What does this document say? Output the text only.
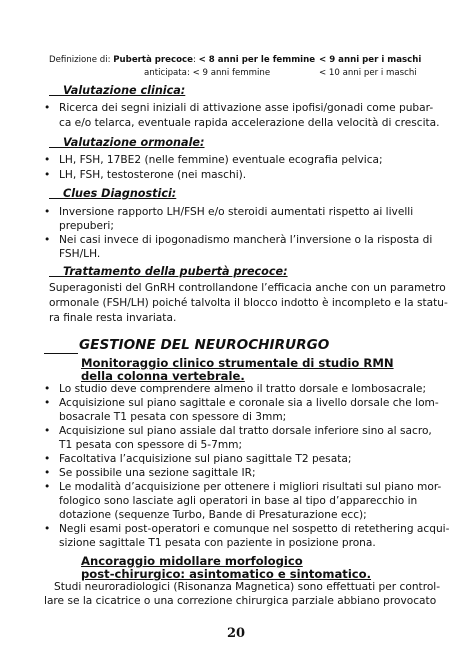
Definizione di: Pubertà precoce: < 8 anni per le femmine < 9 anni per i maschi
anticipata: < 9 anni femmine	< 10 anni per i maschi
Valutazione clinica:
• Ricerca dei segni iniziali di attivazione asse ipofisi/gonadi come pubar-
ca e/o telarca, eventuale rapida accelerazione della velocità di crescita.
Valutazione ormonale:
• LH, FSH, 17BE2 (nelle femmine) eventuale ecografia pelvica;
• LH, FSH, testosterone (nei maschi).
Clues Diagnostici:
• Inversione rapporto LH/FSH e/o steroidi aumentati rispetto ai livelli
prepuberi;
• Nei casi invece di ipogonadismo mancherà l’inversione o la risposta di
FSH/LH.
Trattamento della pubertà precoce:
Superagonisti del GnRH controllandone l’efficacia anche con un parametro
ormonale (FSH/LH) poiché talvolta il blocco indotto è incompleto e la statu-
ra finale resta invariata.
GESTIONE DEL NEUROCHIRURGO
Monitoraggio clinico strumentale di studio RMN
della colonna vertebrale.
• Lo studio deve comprendere almeno il tratto dorsale e lombosacrale;
• Acquisizione sul piano sagittale e coronale sia a livello dorsale che lom-
bosacrale T1 pesata con spessore di 3mm;
• Acquisizione sul piano assiale dal tratto dorsale inferiore sino al sacro,
T1 pesata con spessore di 5-7mm;
• Facoltativa l’acquisizione sul piano sagittale T2 pesata;
• Se possibile una sezione sagittale IR;
• Le modalità d’acquisizione per ottenere i migliori risultati sul piano mor-
fologico sono lasciate agli operatori in base al tipo d’apparecchio in
dotazione (sequenze Turbo, Bande di Presaturazione ecc);
• Negli esami post-operatori e comunque nel sospetto di retethering acqui-
sizione sagittale T1 pesata con paziente in posizione prona.
Ancoraggio midollare morfologico
post-chirurgico: asintomatico e sintomatico.
Studi neuroradiologici (Risonanza Magnetica) sono effettuati per control-
lare se la cicatrice o una correzione chirurgica parziale abbiano provocato
20
